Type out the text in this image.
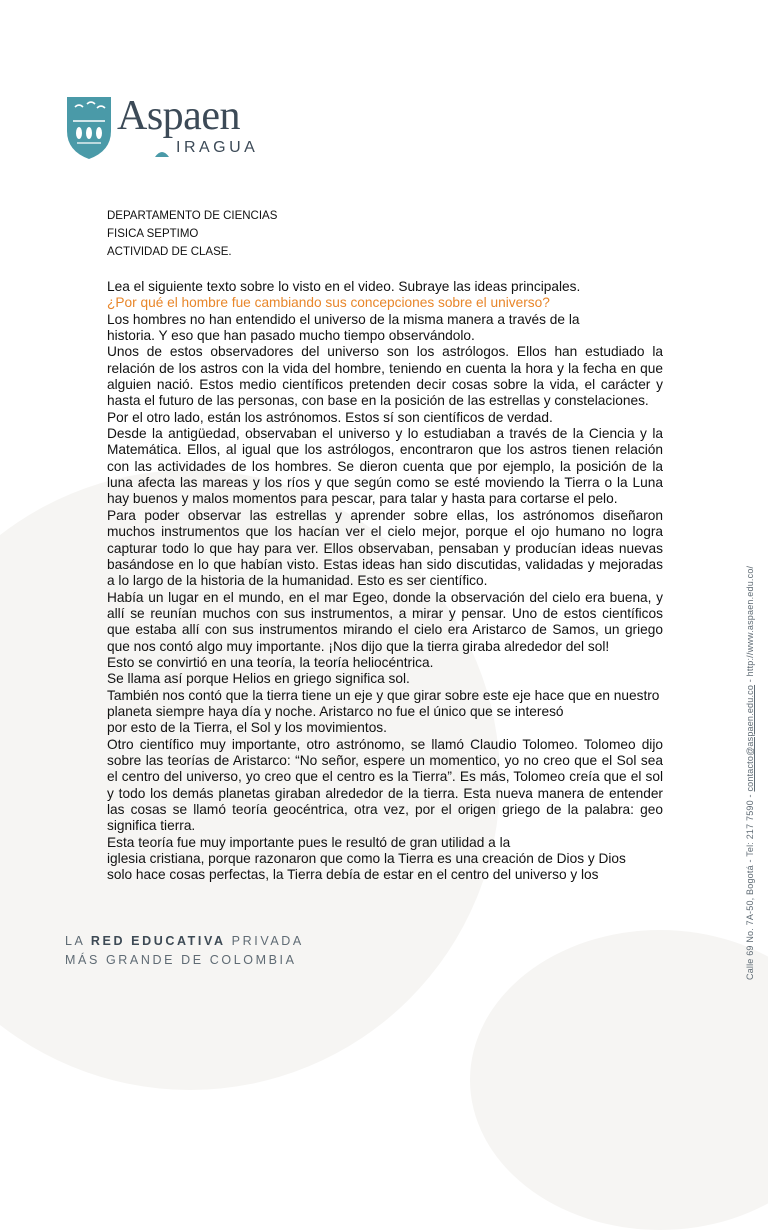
Aspaen
IRAGUA
DEPARTAMENTO DE CIENCIAS
FISICA SEPTIMO
ACTIVIDAD DE CLASE.

Lea el siguiente texto sobre lo visto en el video. Subraye las ideas principales.

¿Por qué el hombre fue cambiando sus concepciones sobre el universo?

Los hombres no han entendido el universo de la misma manera a través de la

historia. Y eso que han pasado mucho tiempo observándolo.

Unos de estos observadores del universo son los astrólogos. Ellos han estudiado la relación de los astros con la vida del hombre, teniendo en cuenta la hora y la fecha en que alguien nació. Estos medio científicos pretenden decir cosas sobre la vida, el carácter y hasta el futuro de las personas, con base en la posición de las estrellas y constelaciones.

Por el otro lado, están los astrónomos. Estos sí son científicos de verdad.

Desde la antigüedad, observaban el universo y lo estudiaban a través de la Ciencia y la Matemática. Ellos, al igual que los astrólogos, encontraron que los astros tienen relación con las actividades de los hombres. Se dieron cuenta que por ejemplo, la posición de la luna afecta las mareas y los ríos y que según como se esté moviendo la Tierra o la Luna hay buenos y malos momentos para pescar, para talar y hasta para cortarse el pelo.

Para poder observar las estrellas y aprender sobre ellas, los astrónomos diseñaron muchos instrumentos que los hacían ver el cielo mejor, porque el ojo humano no logra capturar todo lo que hay para ver. Ellos observaban, pensaban y producían ideas nuevas basándose en lo que habían visto. Estas ideas han sido discutidas, validadas y mejoradas a lo largo de la historia de la humanidad. Esto es ser científico.

Había un lugar en el mundo, en el mar Egeo, donde la observación del cielo era buena, y allí se reunían muchos con sus instrumentos, a mirar y pensar. Uno de estos científicos que estaba allí con sus instrumentos mirando el cielo era Aristarco de Samos, un griego que nos contó algo muy importante. ¡Nos dijo que la tierra giraba alrededor del sol!

Esto se convirtió en una teoría, la teoría heliocéntrica.

Se llama así porque Helios en griego significa sol.

También nos contó que la tierra tiene un eje y que girar sobre este eje hace que en nuestro

planeta siempre haya día y noche. Aristarco no fue el único que se interesó

por esto de la Tierra, el Sol y los movimientos.

Otro científico muy importante, otro astrónomo, se llamó Claudio Tolomeo. Tolomeo dijo sobre las teorías de Aristarco: “No señor, espere un momentico, yo no creo que el Sol sea el centro del universo, yo creo que el centro es la Tierra”. Es más, Tolomeo creía que el sol y todo los demás planetas giraban alrededor de la tierra. Esta nueva manera de entender las cosas se llamó teoría geocéntrica, otra vez, por el origen griego de la palabra: geo significa tierra.

Esta teoría fue muy importante pues le resultó de gran utilidad a la

iglesia cristiana, porque razonaron que como la Tierra es una creación de Dios y Dios

solo hace cosas perfectas, la Tierra debía de estar en el centro del universo y los

LA RED EDUCATIVA PRIVADA
MÁS GRANDE DE COLOMBIA	Calle 69 No. 7A-50, Bogotá - Tel: 217 7590 - contacto@aspaen.edu.co - http://www.aspaen.edu.co/
